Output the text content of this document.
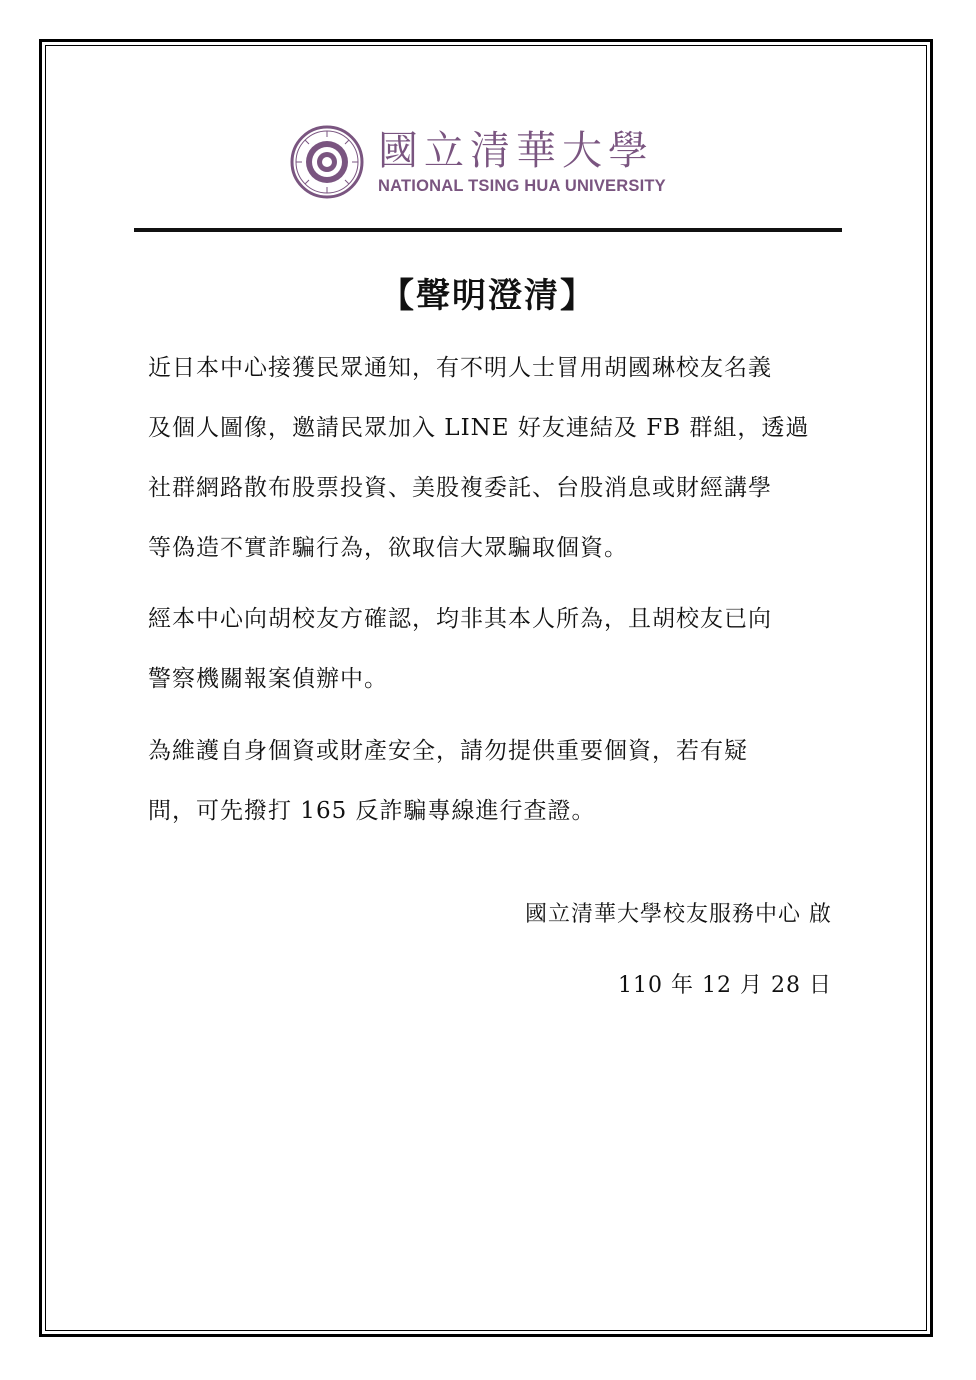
國立清華大學
NATIONAL TSING HUA UNIVERSITY
【聲明澄清】
近日本中心接獲民眾通知，有不明人士冒用胡國琳校友名義
及個人圖像，邀請民眾加入 LINE 好友連結及 FB 群組，透過
社群網路散布股票投資、美股複委託、台股消息或財經講學
等偽造不實詐騙行為，欲取信大眾騙取個資。
經本中心向胡校友方確認，均非其本人所為，且胡校友已向
警察機關報案偵辦中。
為維護自身個資或財產安全，請勿提供重要個資，若有疑
問，可先撥打 165 反詐騙專線進行查證。
國立清華大學校友服務中心 啟
110 年 12 月 28 日
